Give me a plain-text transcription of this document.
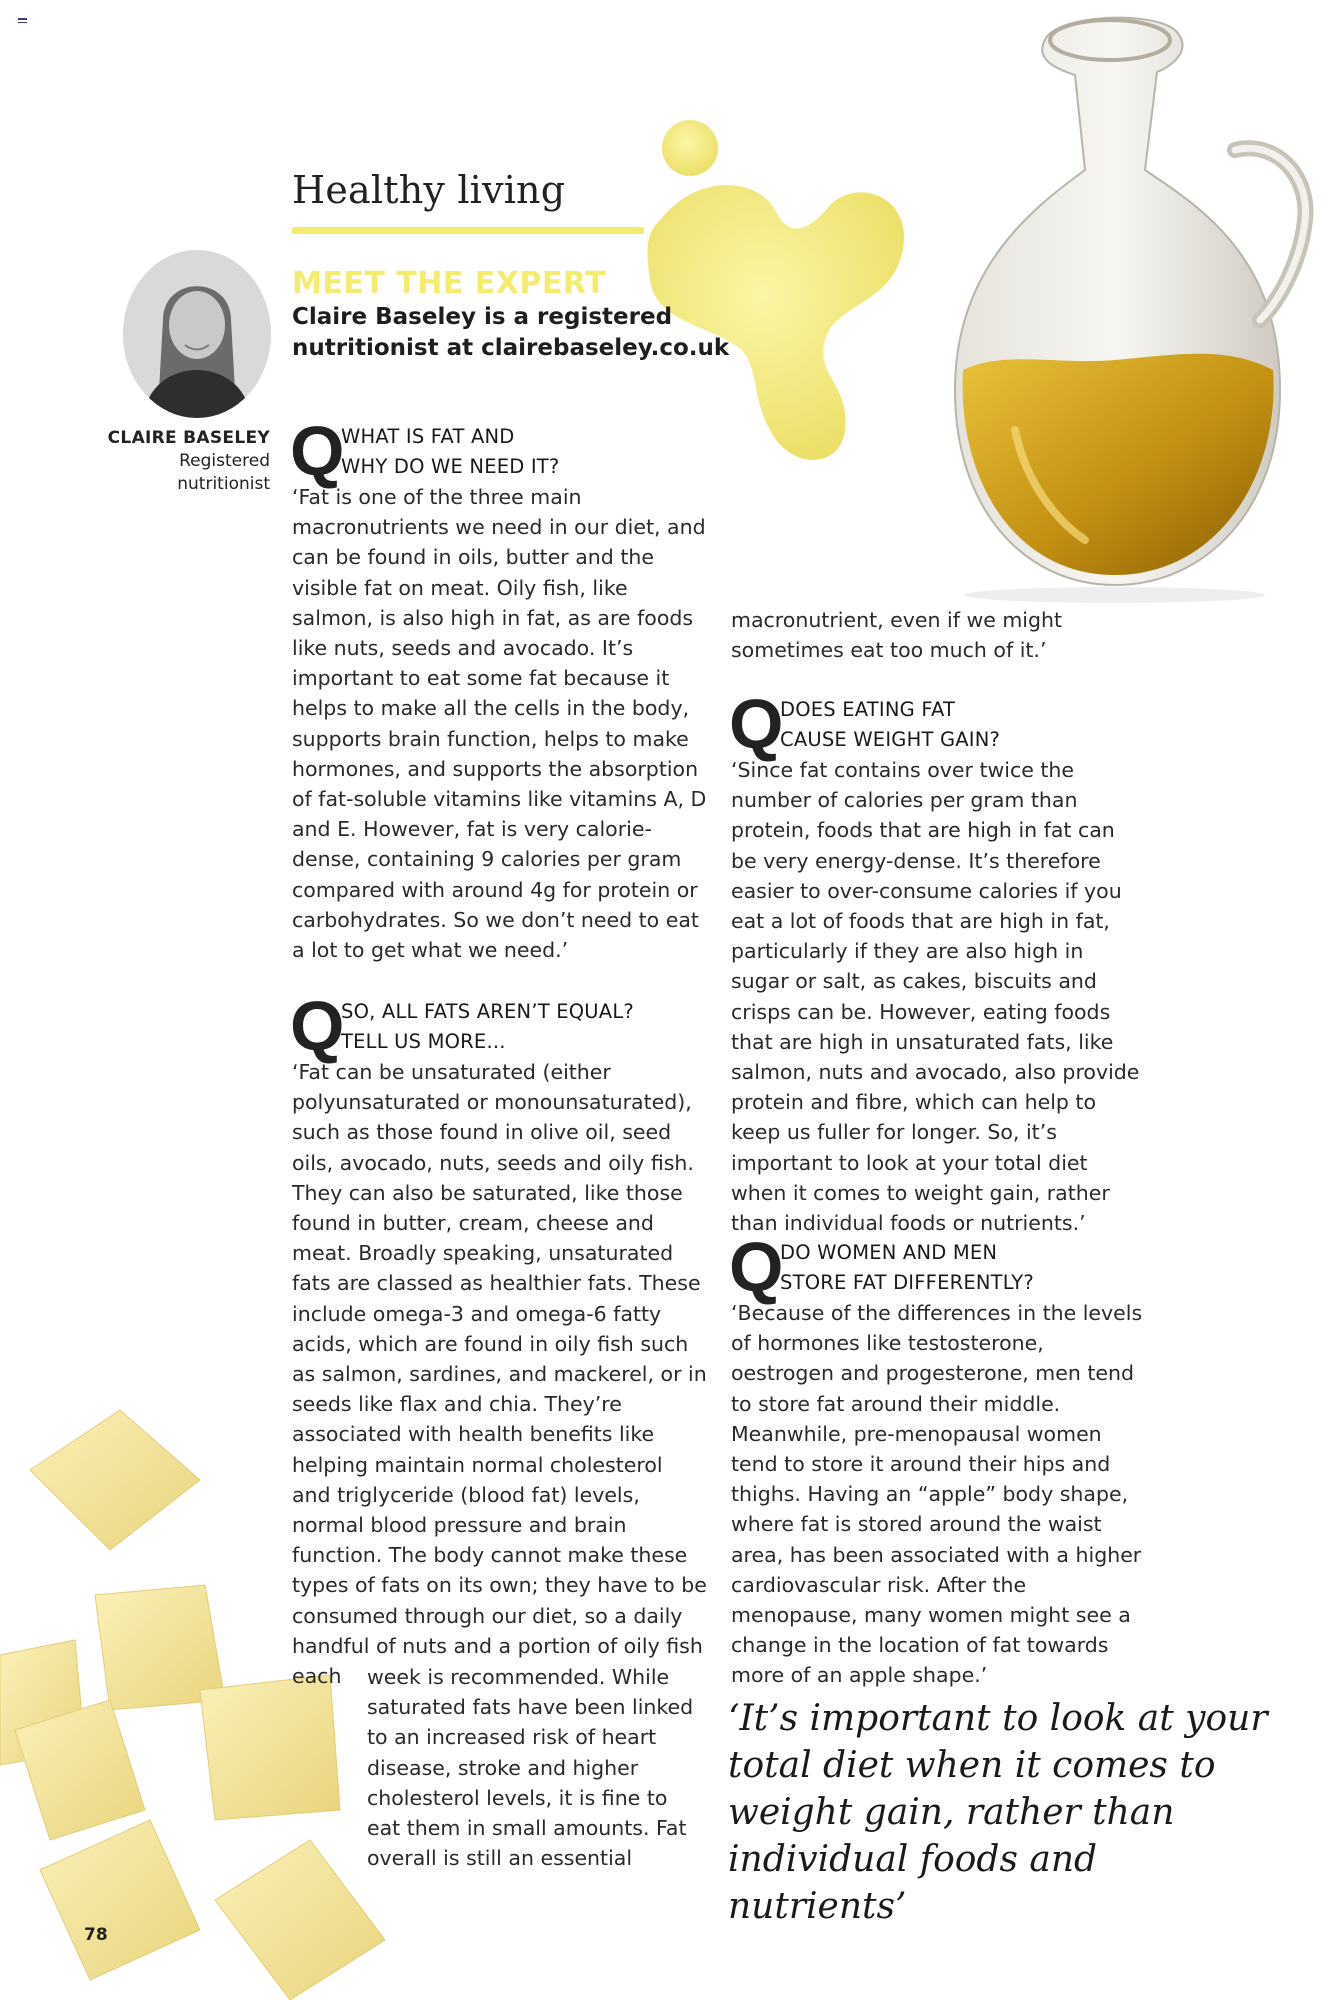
Healthy living
MEET THE EXPERT
Claire Baseley is a registered nutritionist at clairebaseley.co.uk
CLAIRE BASELEY
Registered
nutritionist Q
WHAT IS FAT AND
WHY DO WE NEED IT?

‘Fat is one of the three main macronutrients we need in our diet, and can be found in oils, butter and the visible fat on meat. Oily fish, like salmon, is also high in fat, as are foods like nuts, seeds and avocado. It’s important to eat some fat because it helps to make all the cells in the body, supports brain function, helps to make hormones, and supports the absorption of fat-soluble vitamins like vitamins A, D and E. However, fat is very calorie-dense, containing 9 calories per gram compared with around 4g for protein or carbohydrates. So we don’t need to eat a lot to get what we need.’

Q
SO, ALL FATS AREN’T EQUAL?
TELL US MORE...

‘Fat can be unsaturated (either polyunsaturated or monounsaturated), such as those found in olive oil, seed oils, avocado, nuts, seeds and oily fish. They can also be saturated, like those found in butter, cream, cheese and meat. Broadly speaking, unsaturated fats are classed as healthier fats. These include omega-3 and omega-6 fatty acids, which are found in oily fish such as salmon, sardines, and mackerel, or in seeds like flax and chia. They’re associated with health benefits like helping maintain normal cholesterol and triglyceride (blood fat) levels, normal blood pressure and brain function. The body cannot make these types of fats on its own; they have to be consumed through our diet, so a daily handful of nuts and a portion of oily fish each	week is recommended. While saturated fats have been linked to an increased risk of heart disease, stroke and higher cholesterol levels, it is fine to eat them in small amounts. Fat overall is still an essential

macronutrient, even if we might sometimes eat too much of it.’

Q
DOES EATING FAT
CAUSE WEIGHT GAIN?

‘Since fat contains over twice the number of calories per gram than protein, foods that are high in fat can be very energy-dense. It’s therefore easier to over-consume calories if you eat a lot of foods that are high in fat, particularly if they are also high in sugar or salt, as cakes, biscuits and crisps can be. However, eating foods that are high in unsaturated fats, like salmon, nuts and avocado, also provide protein and fibre, which can help to keep us fuller for longer. So, it’s important to look at your total diet when it comes to weight gain, rather than individual foods or nutrients.’

Q
DO WOMEN AND MEN
STORE FAT DIFFERENTLY?

‘Because of the differences in the levels of hormones like testosterone, oestrogen and progesterone, men tend to store fat around their middle. Meanwhile, pre-menopausal women tend to store it around their hips and thighs. Having an “apple” body shape, where fat is stored around the waist area, has been associated with a higher cardiovascular risk. After the menopause, many women might see a change in the location of fat towards more of an apple shape.’

‘It’s important to look at your total diet when it comes to weight gain, rather than individual foods and nutrients’
78
